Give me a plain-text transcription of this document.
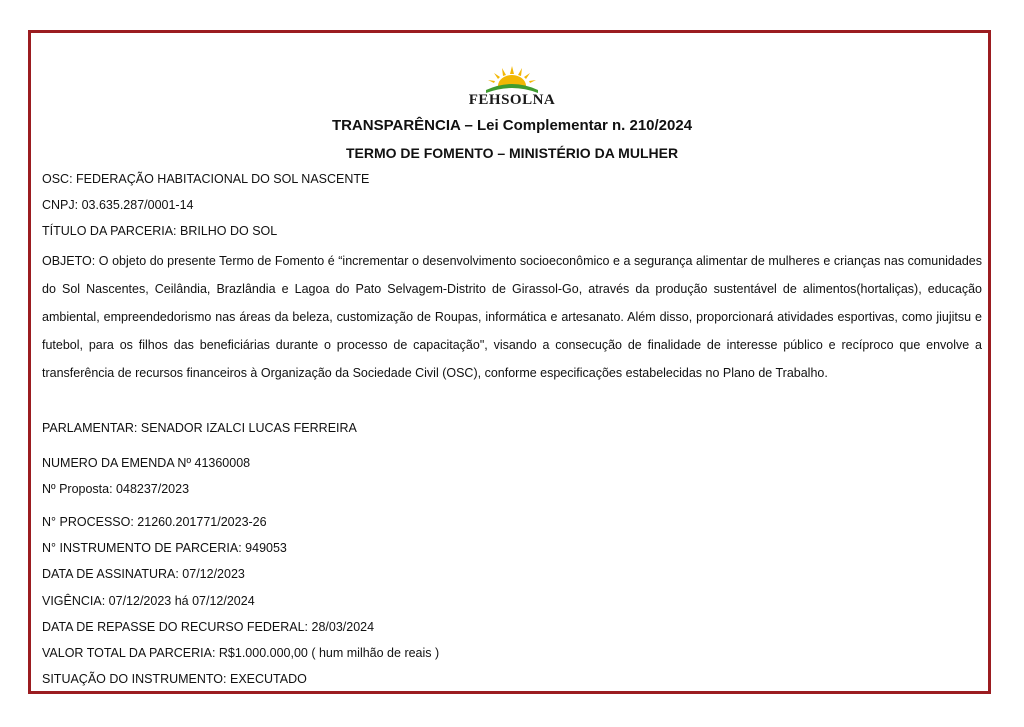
FEHSOLNA
TRANSPARÊNCIA – Lei Complementar n. 210/2024
TERMO DE FOMENTO – MINISTÉRIO DA MULHER
OSC: FEDERAÇÃO HABITACIONAL DO SOL NASCENTE
CNPJ: 03.635.287/0001-14
TÍTULO DA PARCERIA: BRILHO DO SOL
OBJETO: O objeto do presente Termo de Fomento é “incrementar o desenvolvimento socioeconômico e a segurança alimentar de mulheres e crianças nas comunidades do Sol Nascentes, Ceilândia, Brazlândia e Lagoa do Pato Selvagem-Distrito de Girassol-Go, através da produção sustentável de alimentos(hortaliças), educação ambiental, empreendedorismo nas áreas da beleza, customização de Roupas, informática e artesanato. Além disso, proporcionará atividades esportivas, como jiujitsu e futebol, para os filhos das beneficiárias durante o processo de capacitação", visando a consecução de finalidade de interesse público e recíproco que envolve a transferência de recursos financeiros à Organização da Sociedade Civil (OSC), conforme especificações estabelecidas no Plano de Trabalho.
PARLAMENTAR: SENADOR IZALCI LUCAS FERREIRA
NUMERO DA EMENDA Nº 41360008
Nº Proposta: 048237/2023
N° PROCESSO: 21260.201771/2023-26
N° INSTRUMENTO DE PARCERIA: 949053
DATA DE ASSINATURA: 07/12/2023
VIGÊNCIA: 07/12/2023 há 07/12/2024
DATA DE REPASSE DO RECURSO FEDERAL: 28/03/2024
VALOR TOTAL DA PARCERIA: R$1.000.000,00 ( hum milhão de reais )
SITUAÇÃO DO INSTRUMENTO: EXECUTADO
